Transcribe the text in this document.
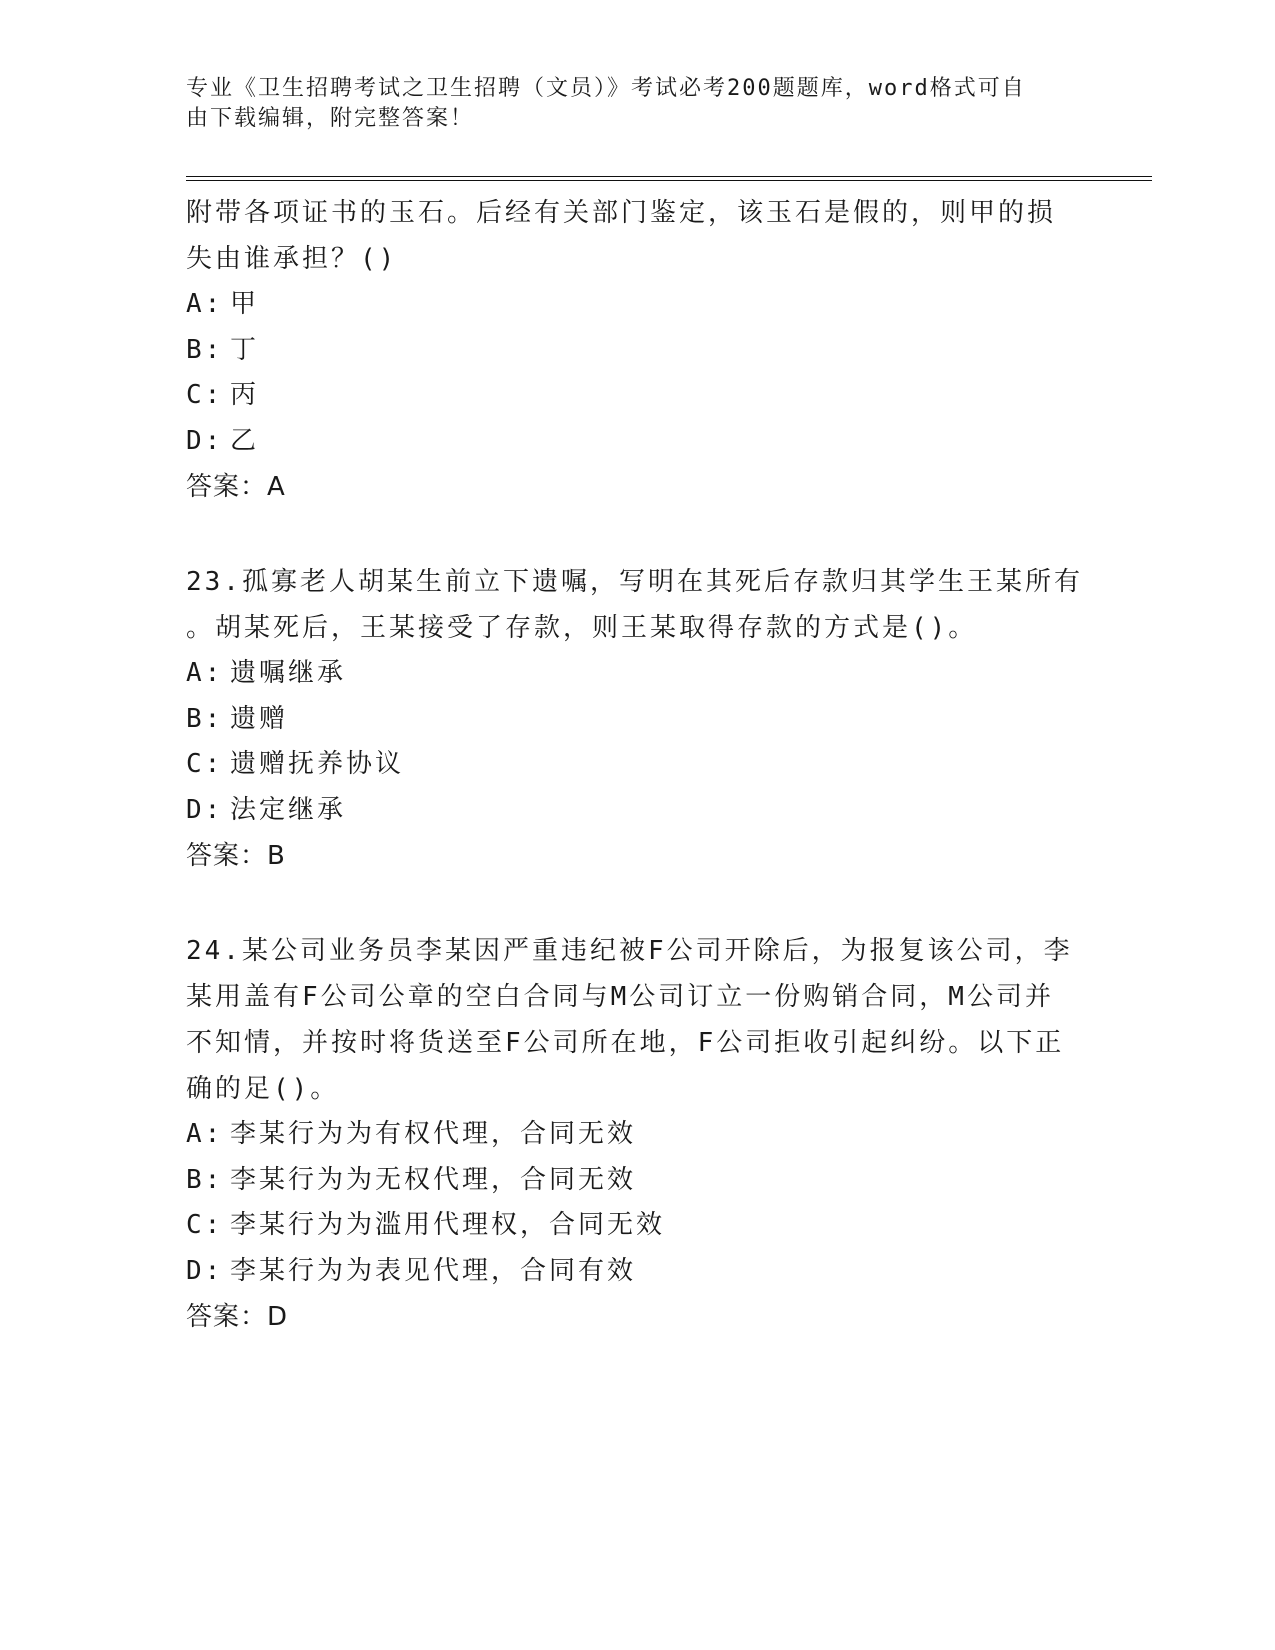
专业《卫生招聘考试之卫生招聘（文员）》考试必考200题题库，word格式可自
由下载编辑，附完整答案！

附带各项证书的玉石。后经有关部门鉴定，该玉石是假的，则甲的损

失由谁承担？()

A: 甲

B: 丁

C: 丙

D: 乙

答案：A

23.孤寡老人胡某生前立下遗嘱，写明在其死后存款归其学生王某所有

。胡某死后，王某接受了存款，则王某取得存款的方式是()。

A: 遗嘱继承

B: 遗赠

C: 遗赠抚养协议

D: 法定继承

答案：B

24.某公司业务员李某因严重违纪被F公司开除后，为报复该公司，李

某用盖有F公司公章的空白合同与M公司订立一份购销合同，M公司并

不知情，并按时将货送至F公司所在地，F公司拒收引起纠纷。以下正

确的足()。

A: 李某行为为有权代理，合同无效

B: 李某行为为无权代理，合同无效

C: 李某行为为滥用代理权，合同无效

D: 李某行为为表见代理，合同有效

答案：D
